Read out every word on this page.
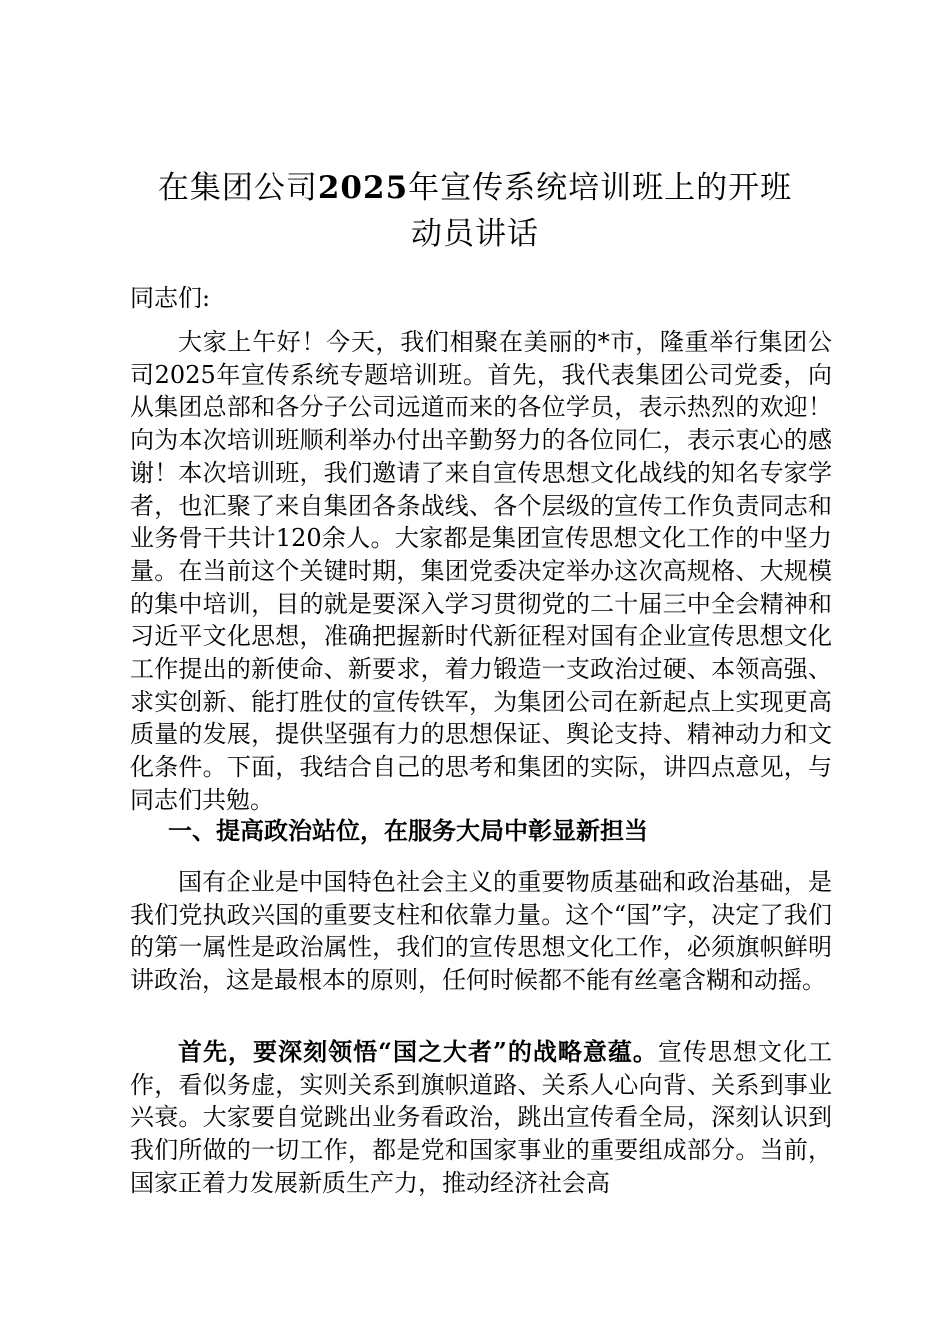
在集团公司2025年宣传系统培训班上的开班
动员讲话
同志们:
大家上午好！今天，我们相聚在美丽的*市，隆重举行集团公司2025年宣传系统专题培训班。首先，我代表集团公司党委，向从集团总部和各分子公司远道而来的各位学员，表示热烈的欢迎！向为本次培训班顺利举办付出辛勤努力的各位同仁，表示衷心的感谢！本次培训班，我们邀请了来自宣传思想文化战线的知名专家学者，也汇聚了来自集团各条战线、各个层级的宣传工作负责同志和业务骨干共计120余人。大家都是集团宣传思想文化工作的中坚力量。在当前这个关键时期，集团党委决定举办这次高规格、大规模的集中培训，目的就是要深入学习贯彻党的二十届三中全会精神和习近平文化思想，准确把握新时代新征程对国有企业宣传思想文化工作提出的新使命、新要求，着力锻造一支政治过硬、本领高强、求实创新、能打胜仗的宣传铁军，为集团公司在新起点上实现更高质量的发展，提供坚强有力的思想保证、舆论支持、精神动力和文化条件。下面，我结合自己的思考和集团的实际，讲四点意见，与同志们共勉。
一、提高政治站位，在服务大局中彰显新担当
国有企业是中国特色社会主义的重要物质基础和政治基础，是我们党执政兴国的重要支柱和依靠力量。这个“国”字，决定了我们的第一属性是政治属性，我们的宣传思想文化工作，必须旗帜鲜明讲政治，这是最根本的原则，任何时候都不能有丝毫含糊和动摇。
首先，要深刻领悟“国之大者”的战略意蕴。宣传思想文化工作，看似务虚，实则关系到旗帜道路、关系人心向背、关系到事业兴衰。大家要自觉跳出业务看政治，跳出宣传看全局，深刻认识到我们所做的一切工作，都是党和国家事业的重要组成部分。当前，国家正着力发展新质生产力，推动经济社会高
